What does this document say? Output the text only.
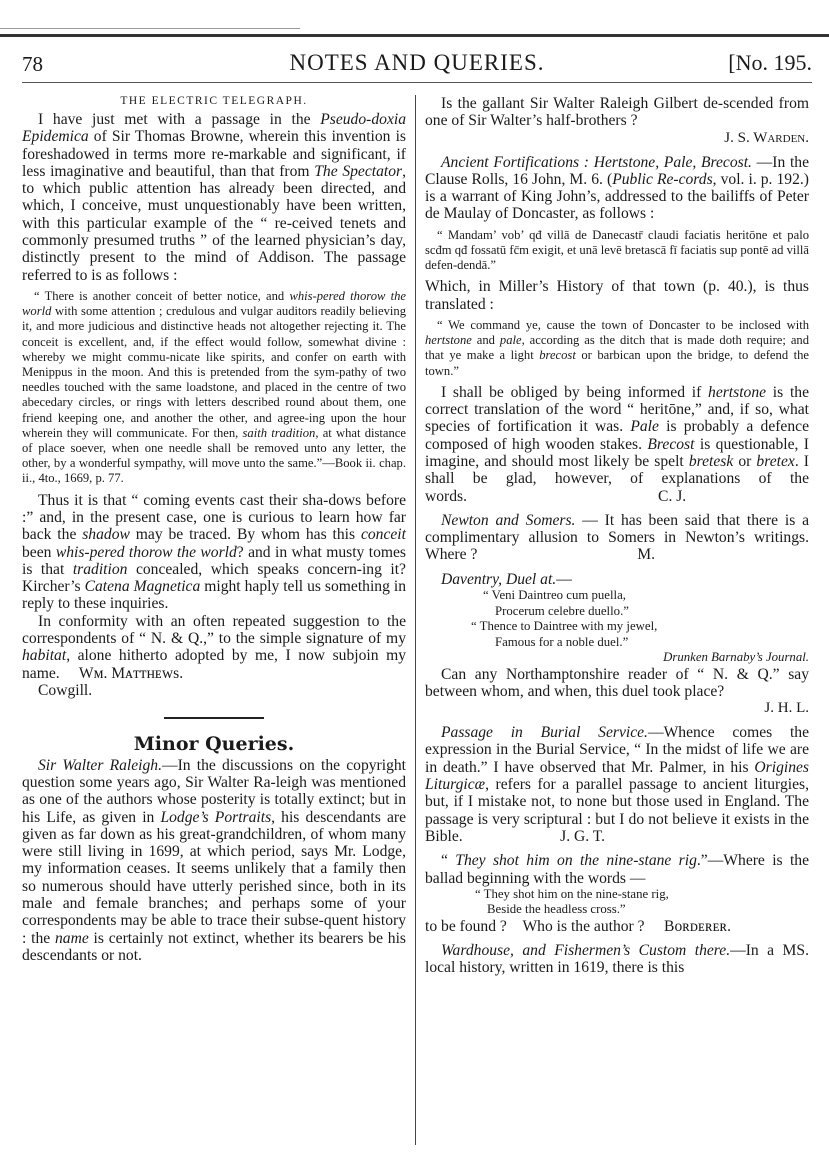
78	NOTES AND QUERIES.	[No. 195.
THE ELECTRIC TELEGRAPH.

I have just met with a passage in the Pseudo-doxia Epidemica of Sir Thomas Browne, wherein this invention is foreshadowed in terms more re-markable and significant, if less imaginative and beautiful, than that from The Spectator, to which public attention has already been directed, and which, I conceive, must unquestionably have been written, with this particular example of the “ re-ceived tenets and commonly presumed truths ” of the learned physician’s day, distinctly present to the mind of Addison. The passage referred to is as follows :

“ There is another conceit of better notice, and whis-pered thorow the world with some attention ; credulous and vulgar auditors readily believing it, and more judicious and distinctive heads not altogether rejecting it. The conceit is excellent, and, if the effect would follow, somewhat divine : whereby we might commu-nicate like spirits, and confer on earth with Menippus in the moon. And this is pretended from the sym-pathy of two needles touched with the same loadstone, and placed in the centre of two abecedary circles, or rings with letters described round about them, one friend keeping one, and another the other, and agree-ing upon the hour wherein they will communicate. For then, saith tradition, at what distance of place soever, when one needle shall be removed unto any letter, the other, by a wonderful sympathy, will move unto the same.”—Book ii. chap. ii., 4to., 1669, p. 77.

Thus it is that “ coming events cast their sha-dows before :” and, in the present case, one is curious to learn how far back the shadow may be traced. By whom has this conceit been whis-pered thorow the world? and in what musty tomes is that tradition concealed, which speaks concern-ing it? Kircher’s Catena Magnetica might haply tell us something in reply to these inquiries.

In conformity with an often repeated suggestion to the correspondents of “ N. & Q.,” to the simple signature of my habitat, alone hitherto adopted by me, I now subjoin my name.  Wᴍ. Mᴀᴛᴛʜᴇᴡs.

Cowgill.

Minor Queries.

Sir Walter Raleigh.—In the discussions on the copyright question some years ago, Sir Walter Ra-leigh was mentioned as one of the authors whose posterity is totally extinct; but in his Life, as given in Lodge’s Portraits, his descendants are given as far down as his great-grandchildren, of whom many were still living in 1699, at which period, says Mr. Lodge, my information ceases. It seems unlikely that a family then so numerous should have utterly perished since, both in its male and female branches; and perhaps some of your correspondents may be able to trace their subse-quent history : the name is certainly not extinct, whether its bearers be his descendants or not.

Is the gallant Sir Walter Raleigh Gilbert de-scended from one of Sir Walter’s half-brothers ?

J. S. Warden.

Ancient Fortifications : Hertstone, Pale, Brecost. —In the Clause Rolls, 16 John, M. 6. (Public Re-cords, vol. i. p. 192.) is a warrant of King John’s, addressed to the bailiffs of Peter de Maulay of Doncaster, as follows :

“ Mandam’ vob’ qđ villā de Danecastr̄ claudi faciatis heritōne et palo scđm qđ fossatū fc̄m exigit, et unā levē bretascā fī faciatis sup pontē ad villā defen-dendā.”

Which, in Miller’s History of that town (p. 40.), is thus translated :

“ We command ye, cause the town of Doncaster to be inclosed with hertstone and pale, according as the ditch that is made doth require; and that ye make a light brecost or barbican upon the bridge, to defend the town.”

I shall be obliged by being informed if hertstone is the correct translation of the word “ heritōne,” and, if so, what species of fortification it was. Pale is probably a defence composed of high wooden stakes. Brecost is questionable, I imagine, and should most likely be spelt bretesk or bretex. I shall be glad, however, of explanations of the words.             C. J.

Newton and Somers. — It has been said that there is a complimentary allusion to Somers in Newton’s writings. Where ?           M.

Daventry, Duel at.—

“ Veni Daintreo cum puella,
Procerum celebre duello.”
“ Thence to Daintree with my jewel,
Famous for a noble duel.”
Drunken Barnaby’s Journal.

Can any Northamptonshire reader of “ N. & Q.” say between whom, and when, this duel took place?

J. H. L.

Passage in Burial Service.—Whence comes the expression in the Burial Service, “ In the midst of life we are in death.” I have observed that Mr. Palmer, in his Origines Liturgicæ, refers for a parallel passage to ancient liturgies, but, if I mistake not, to none but those used in England. The passage is very scriptural : but I do not believe it exists in the Bible.       J. G. T.

“ They shot him on the nine-stane rig.”—Where is the ballad beginning with the words —

“ They shot him on the nine-stane rig,
Beside the headless cross.”

to be found ? Who is the author ?  Bᴏʀᴅᴇʀᴇʀ.

Wardhouse, and Fishermen’s Custom there.—In a MS. local history, written in 1619, there is this
